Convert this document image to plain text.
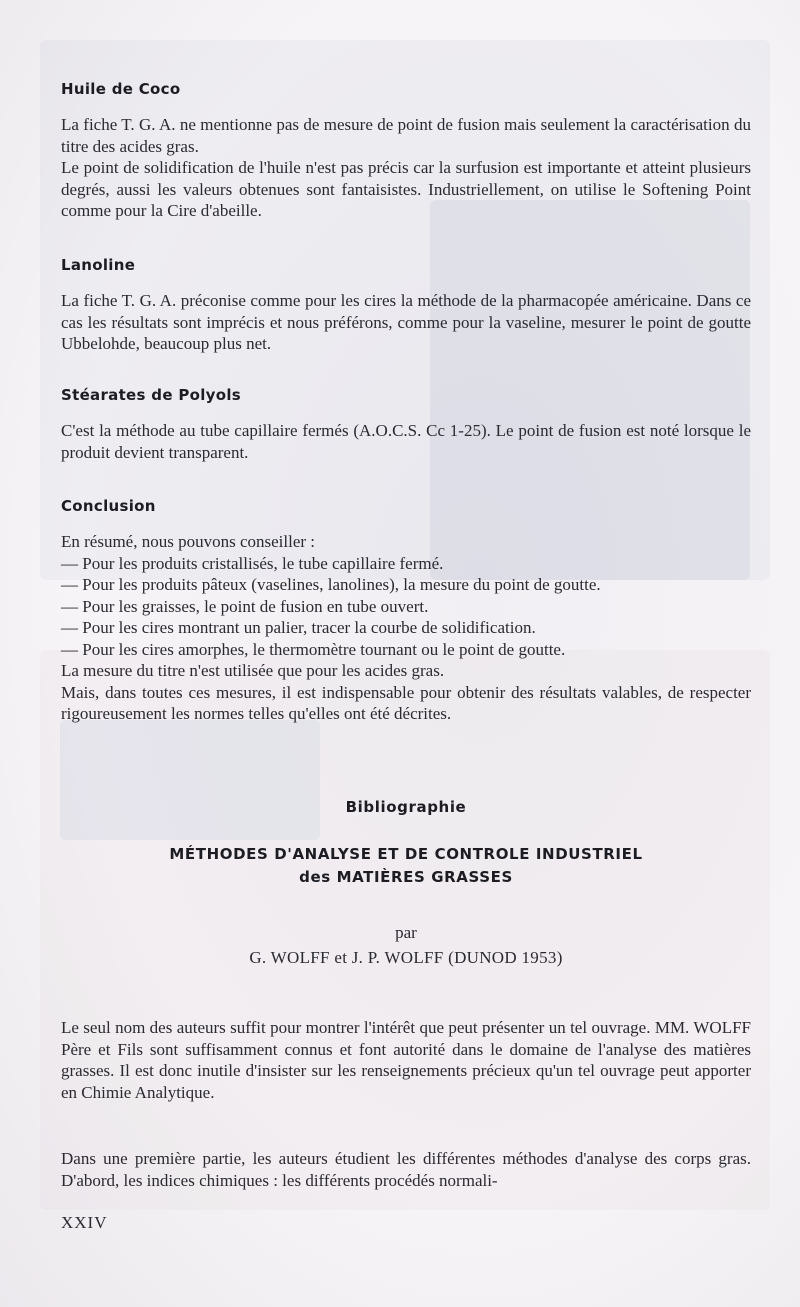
Huile de Coco

La fiche T. G. A. ne mentionne pas de mesure de point de fusion mais seulement la caractérisation du titre des acides gras.

Le point de solidification de l'huile n'est pas précis car la surfusion est importante et atteint plusieurs degrés, aussi les valeurs obtenues sont fantaisistes. Industriellement, on utilise le Softening Point comme pour la Cire d'abeille.

Lanoline

La fiche T. G. A. préconise comme pour les cires la méthode de la pharmacopée américaine. Dans ce cas les résultats sont imprécis et nous préférons, comme pour la vaseline, mesurer le point de goutte Ubbelohde, beaucoup plus net.

Stéarates de Polyols

C'est la méthode au tube capillaire fermés (A.O.C.S. Cc 1-25). Le point de fusion est noté lorsque le produit devient transparent.

Conclusion

En résumé, nous pouvons conseiller :

— Pour les produits cristallisés, le tube capillaire fermé.

— Pour les produits pâteux (vaselines, lanolines), la mesure du point de goutte.

— Pour les graisses, le point de fusion en tube ouvert.

— Pour les cires montrant un palier, tracer la courbe de solidification.

— Pour les cires amorphes, le thermomètre tournant ou le point de goutte.

La mesure du titre n'est utilisée que pour les acides gras.

Mais, dans toutes ces mesures, il est indispensable pour obtenir des résultats valables, de respecter rigoureusement les normes telles qu'elles ont été décrites.

Bibliographie
MÉTHODES D'ANALYSE ET DE CONTROLE INDUSTRIEL
des MATIÈRES GRASSES

par

G. WOLFF et J. P. WOLFF (DUNOD 1953)

Le seul nom des auteurs suffit pour montrer l'intérêt que peut présenter un tel ouvrage. MM. WOLFF Père et Fils sont suffisamment connus et font autorité dans le domaine de l'analyse des matières grasses. Il est donc inutile d'insister sur les renseignements précieux qu'un tel ouvrage peut apporter en Chimie Analytique.

Dans une première partie, les auteurs étudient les différentes méthodes d'analyse des corps gras. D'abord, les indices chimiques : les différents procédés normali-

XXIV
